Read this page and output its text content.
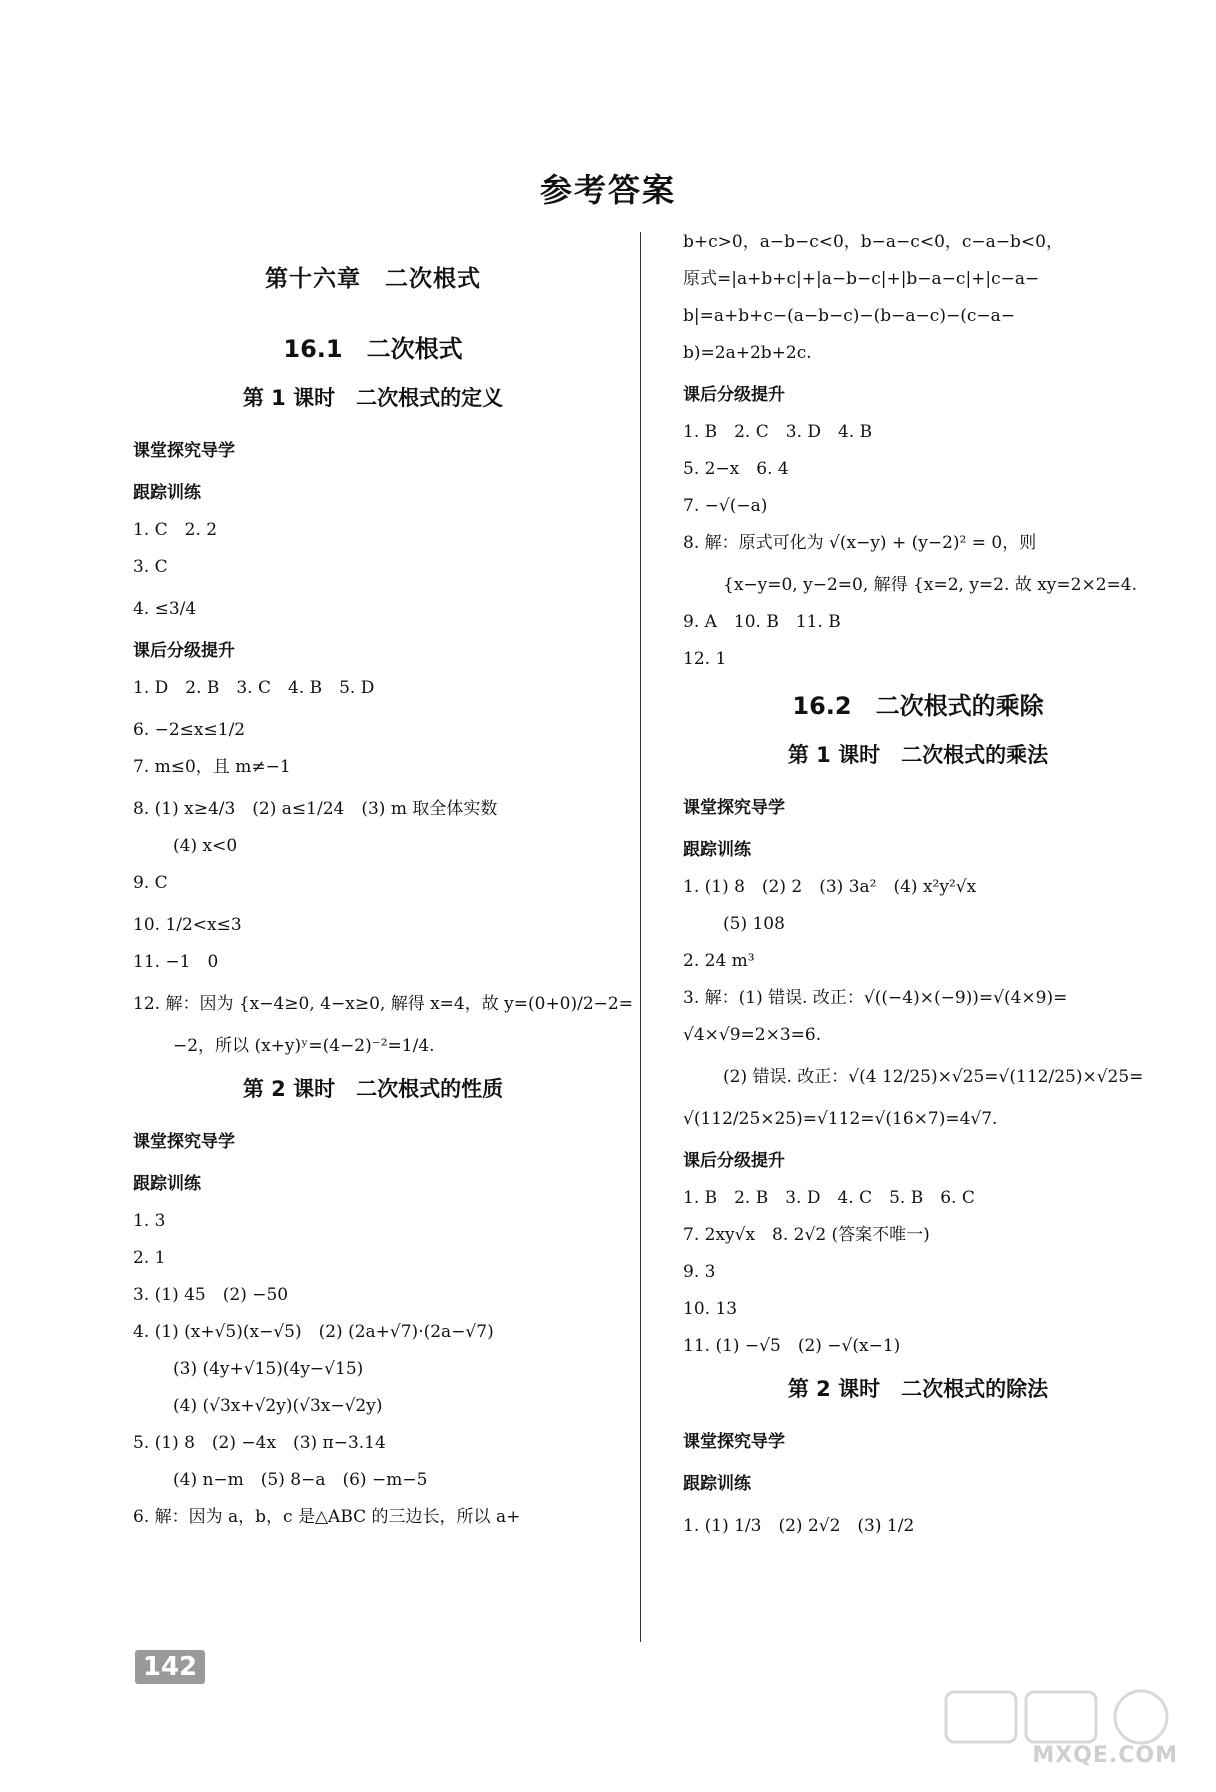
参考答案
第十六章　二次根式
16.1　二次根式
第 1 课时　二次根式的定义
课堂探究导学
跟踪训练
1. C　2. 2
3. C
4. ≤3/4
课后分级提升
1. D　2. B　3. C　4. B　5. D
6. −2≤x≤1/2
7. m≤0，且 m≠−1
8. (1) x≥4/3　(2) a≤1/24　(3) m 取全体实数
(4) x<0
9. C
10. 1/2<x≤3
11. −1　0
12. 解：因为 {x−4≥0, 4−x≥0, 解得 x=4，故 y=(0+0)/2−2=
−2，所以 (x+y)ʸ=(4−2)⁻²=1/4.
第 2 课时　二次根式的性质
课堂探究导学
跟踪训练
1. 3
2. 1
3. (1) 45　(2) −50
4. (1) (x+√5)(x−√5)　(2) (2a+√7)·(2a−√7)
(3) (4y+√15)(4y−√15)
(4) (√3x+√2y)(√3x−√2y)
5. (1) 8　(2) −4x　(3) π−3.14
(4) n−m　(5) 8−a　(6) −m−5
6. 解：因为 a，b，c 是△ABC 的三边长，所以 a+
b+c>0，a−b−c<0，b−a−c<0，c−a−b<0，
原式=|a+b+c|+|a−b−c|+|b−a−c|+|c−a−
b|=a+b+c−(a−b−c)−(b−a−c)−(c−a−
b)=2a+2b+2c.
课后分级提升
1. B　2. C　3. D　4. B
5. 2−x　6. 4
7. −√(−a)
8. 解：原式可化为 √(x−y) + (y−2)² = 0，则
{x−y=0, y−2=0, 解得 {x=2, y=2. 故 xy=2×2=4.
9. A　10. B　11. B
12. 1
16.2　二次根式的乘除
第 1 课时　二次根式的乘法
课堂探究导学
跟踪训练
1. (1) 8　(2) 2　(3) 3a²　(4) x²y²√x
(5) 108
2. 24 m³
3. 解：(1) 错误. 改正：√((−4)×(−9))=√(4×9)=
√4×√9=2×3=6.
(2) 错误. 改正：√(4 12/25)×√25=√(112/25)×√25=
√(112/25×25)=√112=√(16×7)=4√7.
课后分级提升
1. B　2. B　3. D　4. C　5. B　6. C
7. 2xy√x　8. 2√2 (答案不唯一)
9. 3
10. 13
11. (1) −√5　(2) −√(x−1)
第 2 课时　二次根式的除法
课堂探究导学
跟踪训练
1. (1) 1/3　(2) 2√2　(3) 1/2
142
MXQE.COM
